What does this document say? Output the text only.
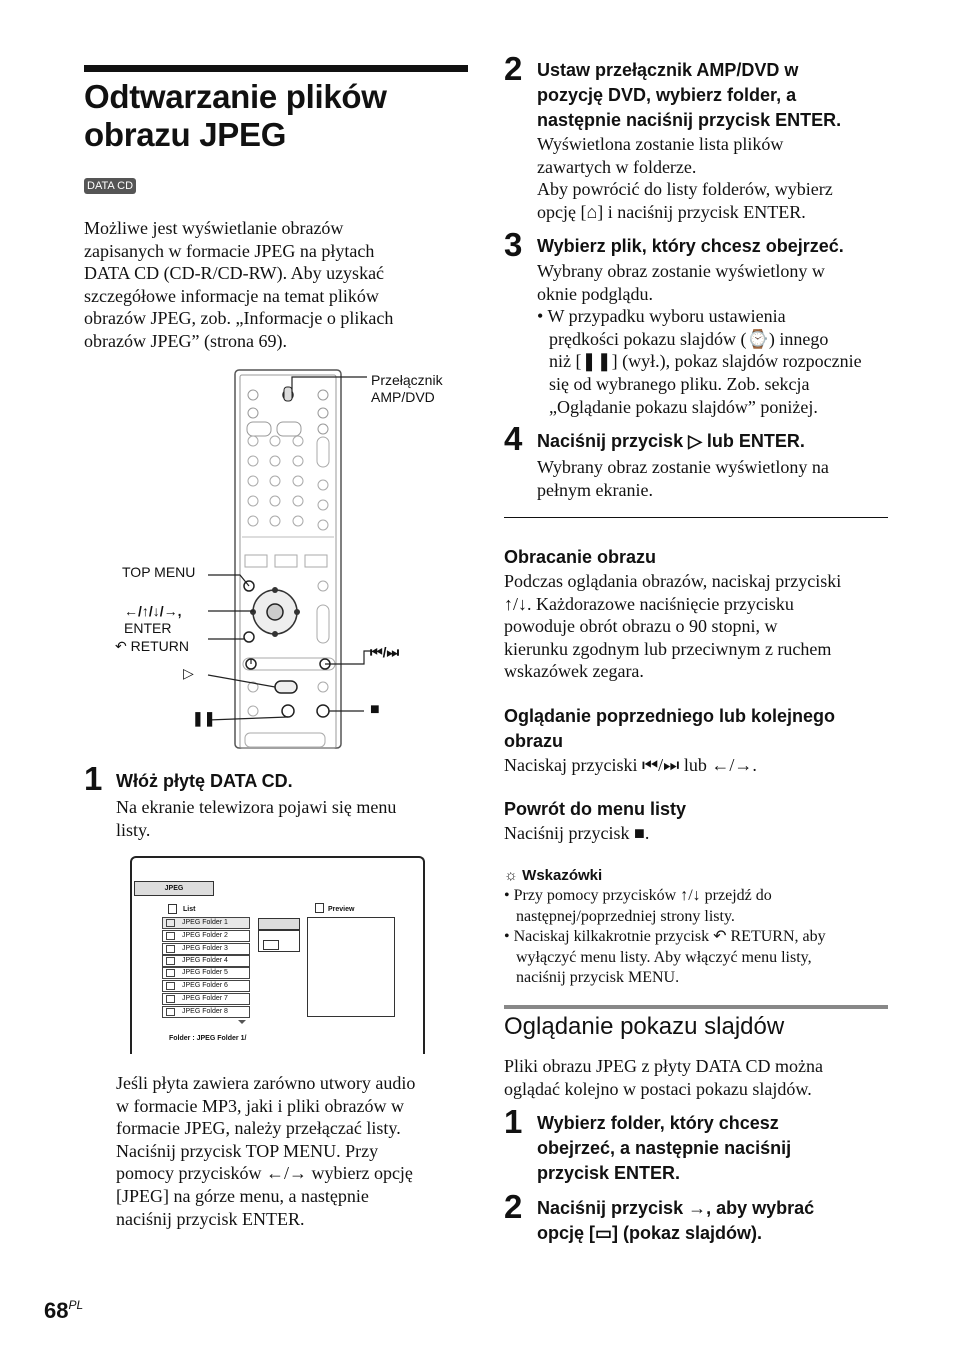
Odtwarzanie plików
obrazu JPEG
DATA CD
Możliwe jest wyświetlanie obrazów
zapisanych w formacie JPEG na płytach
DATA CD (CD-R/CD-RW). Aby uzyskać
szczegółowe informacje na temat plików
obrazów JPEG, zob. „Informacje o plikach
obrazów JPEG” (strona 69).
Przełącznik
AMP/DVD
TOP MENU
←/↑/↓/→,
ENTER
↶ RETURN	⏮/⏭
▷
❚❚	■
1 Włóż płytę DATA CD.
Na ekranie telewizora pojawi się menu
listy.
JPEG
List	Preview
JPEG Folder 1
JPEG Folder 2
JPEG Folder 3
JPEG Folder 4
JPEG Folder 5
JPEG Folder 6
JPEG Folder 7
JPEG Folder 8
Folder : JPEG Folder 1/
Jeśli płyta zawiera zarówno utwory audio
w formacie MP3, jaki i pliki obrazów w
formacie JPEG, należy przełączać listy.
Naciśnij przycisk TOP MENU. Przy
pomocy przycisków ←/→ wybierz opcję
[JPEG] na górze menu, a następnie
naciśnij przycisk ENTER.
2 Ustaw przełącznik AMP/DVD w
pozycję DVD, wybierz folder, a
następnie naciśnij przycisk ENTER.
Wyświetlona zostanie lista plików
zawartych w folderze.
Aby powrócić do listy folderów, wybierz
opcję [⌂] i naciśnij przycisk ENTER.
3 Wybierz plik, który chcesz obejrzeć.
Wybrany obraz zostanie wyświetlony w
oknie podglądu.
• W przypadku wyboru ustawienia
prędkości pokazu slajdów (⌚) innego
niż [❚❚] (wył.), pokaz slajdów rozpocznie
się od wybranego pliku. Zob. sekcja
„Oglądanie pokazu slajdów” poniżej.
4 Naciśnij przycisk ▷ lub ENTER.
Wybrany obraz zostanie wyświetlony na
pełnym ekranie.
Obracanie obrazu
Podczas oglądania obrazów, naciskaj przyciski
↑/↓. Każdorazowe naciśnięcie przycisku
powoduje obrót obrazu o 90 stopni, w
kierunku zgodnym lub przeciwnym z ruchem
wskazówek zegara.
Oglądanie poprzedniego lub kolejnego
obrazu
Naciskaj przyciski ⏮/⏭ lub ←/→.
Powrót do menu listy
Naciśnij przycisk ■.
☼ Wskazówki
• Przy pomocy przycisków ↑/↓ przejdź do
następnej/poprzedniej strony listy.
• Naciskaj kilkakrotnie przycisk ↶ RETURN, aby
wyłączyć menu listy. Aby włączyć menu listy,
naciśnij przycisk MENU.
Oglądanie pokazu slajdów
Pliki obrazu JPEG z płyty DATA CD można
oglądać kolejno w postaci pokazu slajdów.
1 Wybierz folder, który chcesz
obejrzeć, a następnie naciśnij
przycisk ENTER.
2 Naciśnij przycisk →, aby wybrać
opcję [▭] (pokaz slajdów).
$68^{PL}$
